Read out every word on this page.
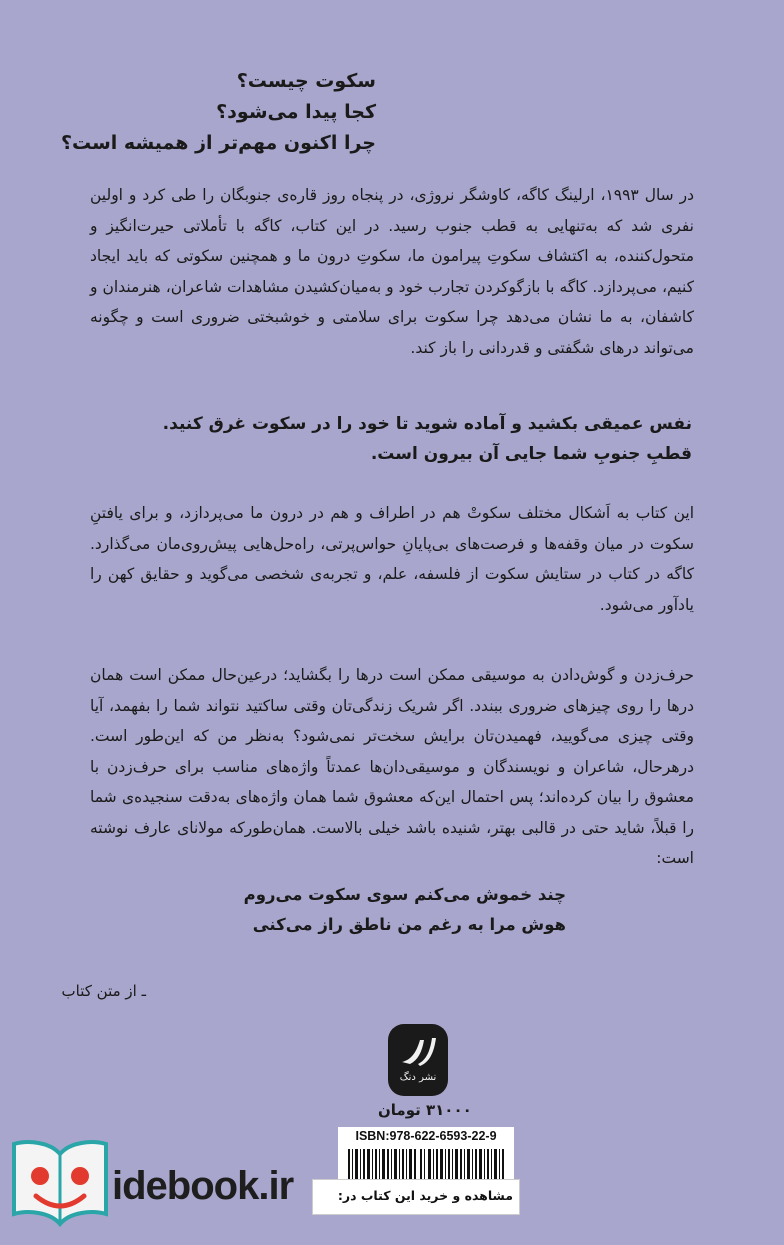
سکوت چیست؟
کجا پیدا می‌شود؟
چرا اکنون مهم‌تر از همیشه است؟
در سال ۱۹۹۳، ارلینگ کاگه، کاوشگر نروژی، در پنجاه روز قاره‌ی جنوبگان را طی کرد و اولین نفری شد که به‌تنهایی به قطب جنوب رسید. در این کتاب، کاگه با تأملاتی حیرت‌انگیز و متحول‌کننده، به اکتشاف سکوتِ پیرامون ما، سکوتِ درون ما و همچنین سکوتی که باید ایجاد کنیم، می‌پردازد. کاگه با بازگوکردن تجارب خود و به‌میان‌کشیدن مشاهدات شاعران، هنرمندان و کاشفان، به ما نشان می‌دهد چرا سکوت برای سلامتی و خوشبختی ضروری است و چگونه می‌تواند درهای شگفتی و قدردانی را باز کند.
نفس عمیقی بکشید و آماده شوید تا خود را در سکوت غرق کنید.
قطبِ جنوبِ شما جایی آن بیرون است.
این کتاب به اَشکال مختلف سکوتْ هم در اطراف و هم در درون ما می‌پردازد، و برای یافتنِ سکوت در میان وقفه‌ها و فرصت‌های بی‌پایانِ حواس‌پرتی، راه‌حل‌هایی پیش‌روی‌مان می‌گذارد. کاگه در کتاب در ستایش سکوت از فلسفه، علم، و تجربه‌ی شخصی می‌گوید و حقایق کهن را یادآور می‌شود.
حرف‌زدن و گوش‌دادن به موسیقی ممکن است درها را بگشاید؛ درعین‌حال ممکن است همان درها را روی چیزهای ضروری ببندد. اگر شریک زندگی‌تان وقتی ساکتید نتواند شما را بفهمد، آیا وقتی چیزی می‌گویید، فهمیدن‌تان برایش سخت‌تر نمی‌شود؟ به‌نظر من که این‌طور است. درهرحال، شاعران و نویسندگان و موسیقی‌دان‌ها عمدتاً واژه‌های مناسب برای حرف‌زدن با معشوق را بیان کرده‌اند؛ پس احتمال این‌که معشوق شما همان واژه‌های به‌دقت سنجیده‌ی شما را قبلاً، شاید حتی در قالبی بهتر، شنیده باشد خیلی بالاست. همان‌طورکه مولانای عارف نوشته است:
چند خموش می‌کنم سوی سکوت می‌روم
هوش مرا به رغم من ناطق راز می‌کنی
ـ از متن کتاب
نشر دنگ
۳۱۰۰۰ تومان
ISBN:978-622-6593-22-9
مشاهده و خرید این کتاب در:
idebook.ir
